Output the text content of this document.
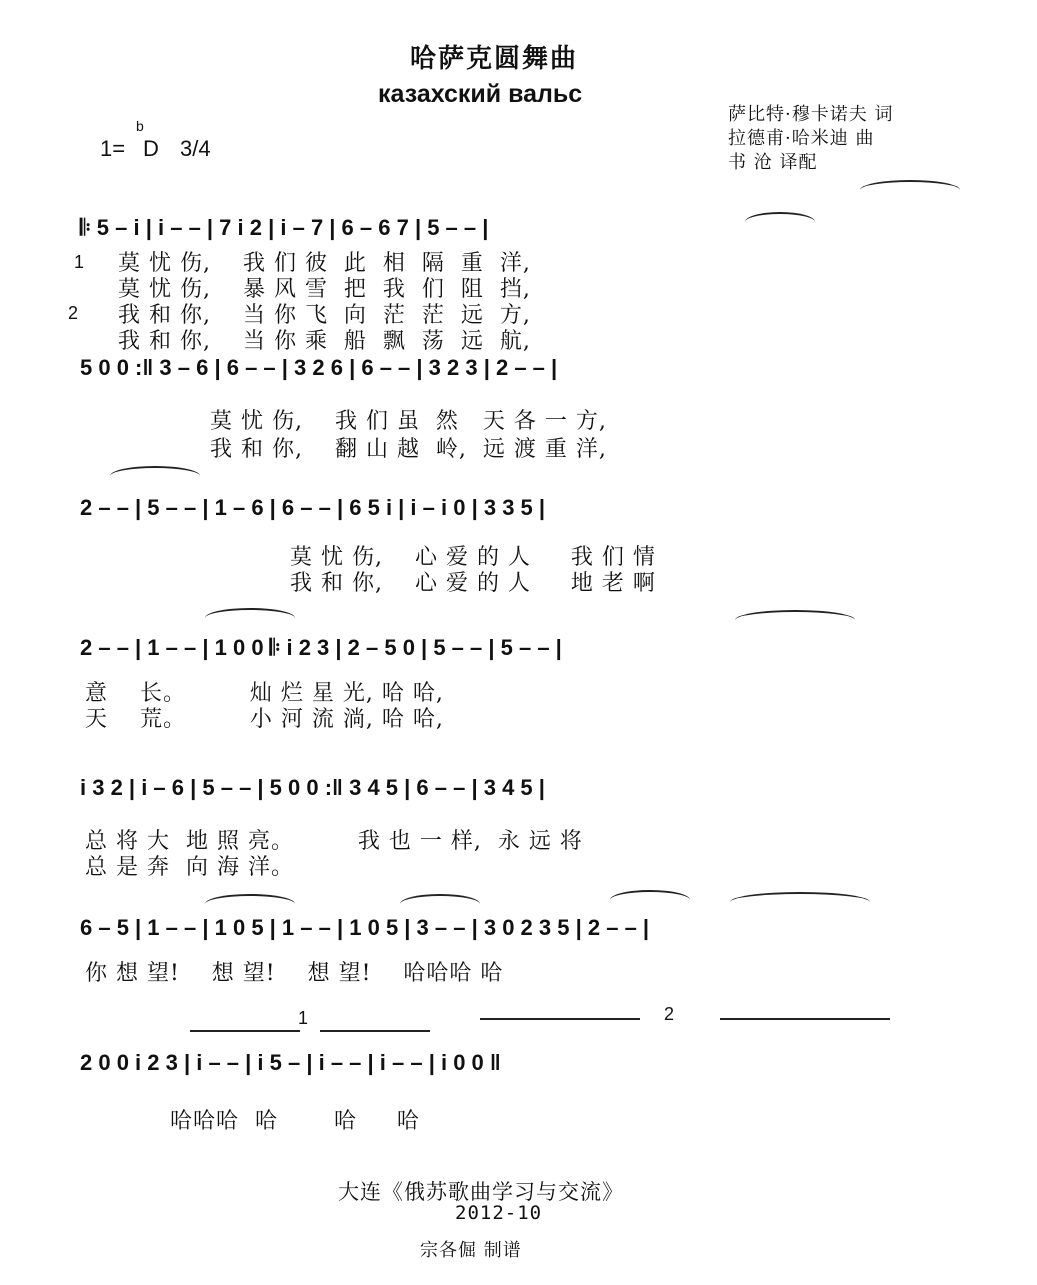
哈萨克圆舞曲
казахский вальс
1=
b
D 3/4
萨比特·穆卡诺夫 词
拉德甫·哈米迪 曲
书 沧 译配
𝄆 5 – i | i – – | 7 i 2 | i – 7 | 6 – 6 7 | 5 – – |
1
2
莫 忧 伤,    我 们 彼  此  相  隔  重  洋,
莫 忧 伤,    暴 风 雪  把  我  们  阻  挡,
我 和 你,    当 你 飞  向  茫  茫  远  方,
我 和 你,    当 你 乘  船  飘  荡  远  航,
5 0 0 :‖ 3 – 6 | 6 – – | 3 2 6 | 6 – – | 3 2 3 | 2 – – |
莫 忧 伤,    我 们 虽  然   天 各 一 方,
我 和 你,    翻 山 越  岭,  远 渡 重 洋,
2 – – | 5 – – | 1 – 6 | 6 – – | 6 5 i | i – i 0 | 3 3 5 |
莫 忧 伤,    心 爱 的 人     我 们 情
我 和 你,    心 爱 的 人     地 老 啊
2 – – | 1 – – | 1 0 0 𝄆 i 2 3 | 2 – 5 0 | 5 – – | 5 – – |
意    长。        灿 烂 星 光, 哈 哈,
天    荒。        小 河 流 淌, 哈 哈,
i 3 2 | i – 6 | 5 – – | 5 0 0 :‖ 3 4 5 | 6 – – | 3 4 5 |
总 将 大  地 照 亮。        我 也 一 样,  永 远 将
总 是 奔  向 海 洋。
6 – 5 | 1 – – | 1 0 5 | 1 – – | 1 0 5 | 3 – – | 3 0 2 3 5 | 2 – – |
你 想 望!    想 望!    想 望!    哈哈哈 哈
1	2
2 0 0 i 2 3 | i – – | i 5 – | i – – | i – – | i 0 0 ‖
哈哈哈  哈       哈     哈
大连《俄苏歌曲学习与交流》
2012-10
宗各倔 制谱
